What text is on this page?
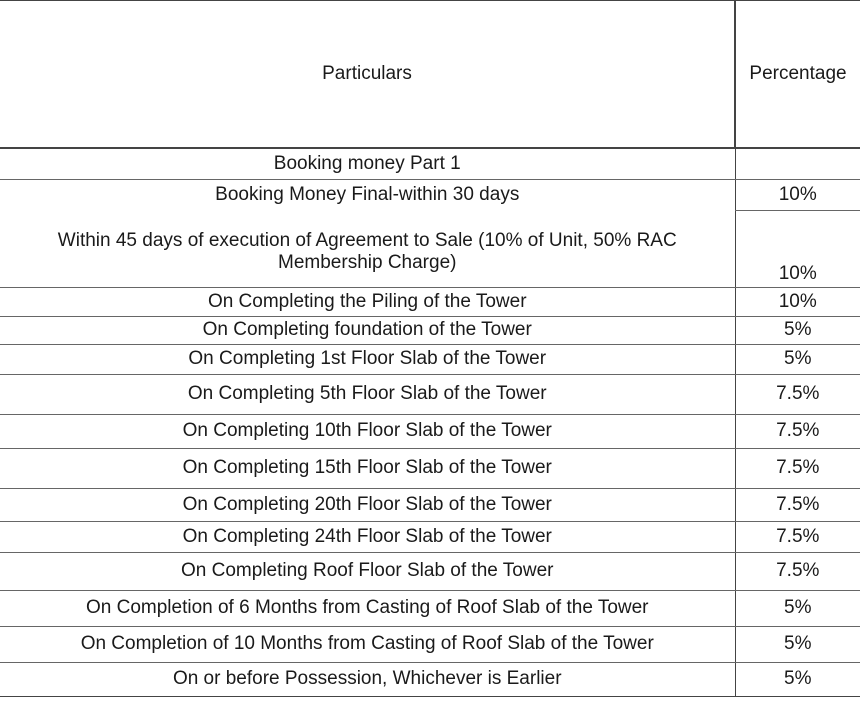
Particulars	Percentage
Booking money Part 1	
Booking Money Final-within 30 days	10%
Within 45 days of execution of Agreement to Sale (10% of Unit, 50% RAC Membership Charge)	10%
On Completing the Piling of the Tower	10%
On Completing foundation of the Tower	5%
On Completing 1st Floor Slab of the Tower	5%
On Completing 5th Floor Slab of the Tower	7.5%
On Completing 10th Floor Slab of the Tower	7.5%
On Completing 15th Floor Slab of the Tower	7.5%
On Completing 20th Floor Slab of the Tower	7.5%
On Completing 24th Floor Slab of the Tower	7.5%
On Completing Roof Floor Slab of the Tower	7.5%
On Completion of 6 Months from Casting of Roof Slab of the Tower	5%
On Completion of 10 Months from Casting of Roof Slab of the Tower	5%
On or before Possession, Whichever is Earlier	5%
